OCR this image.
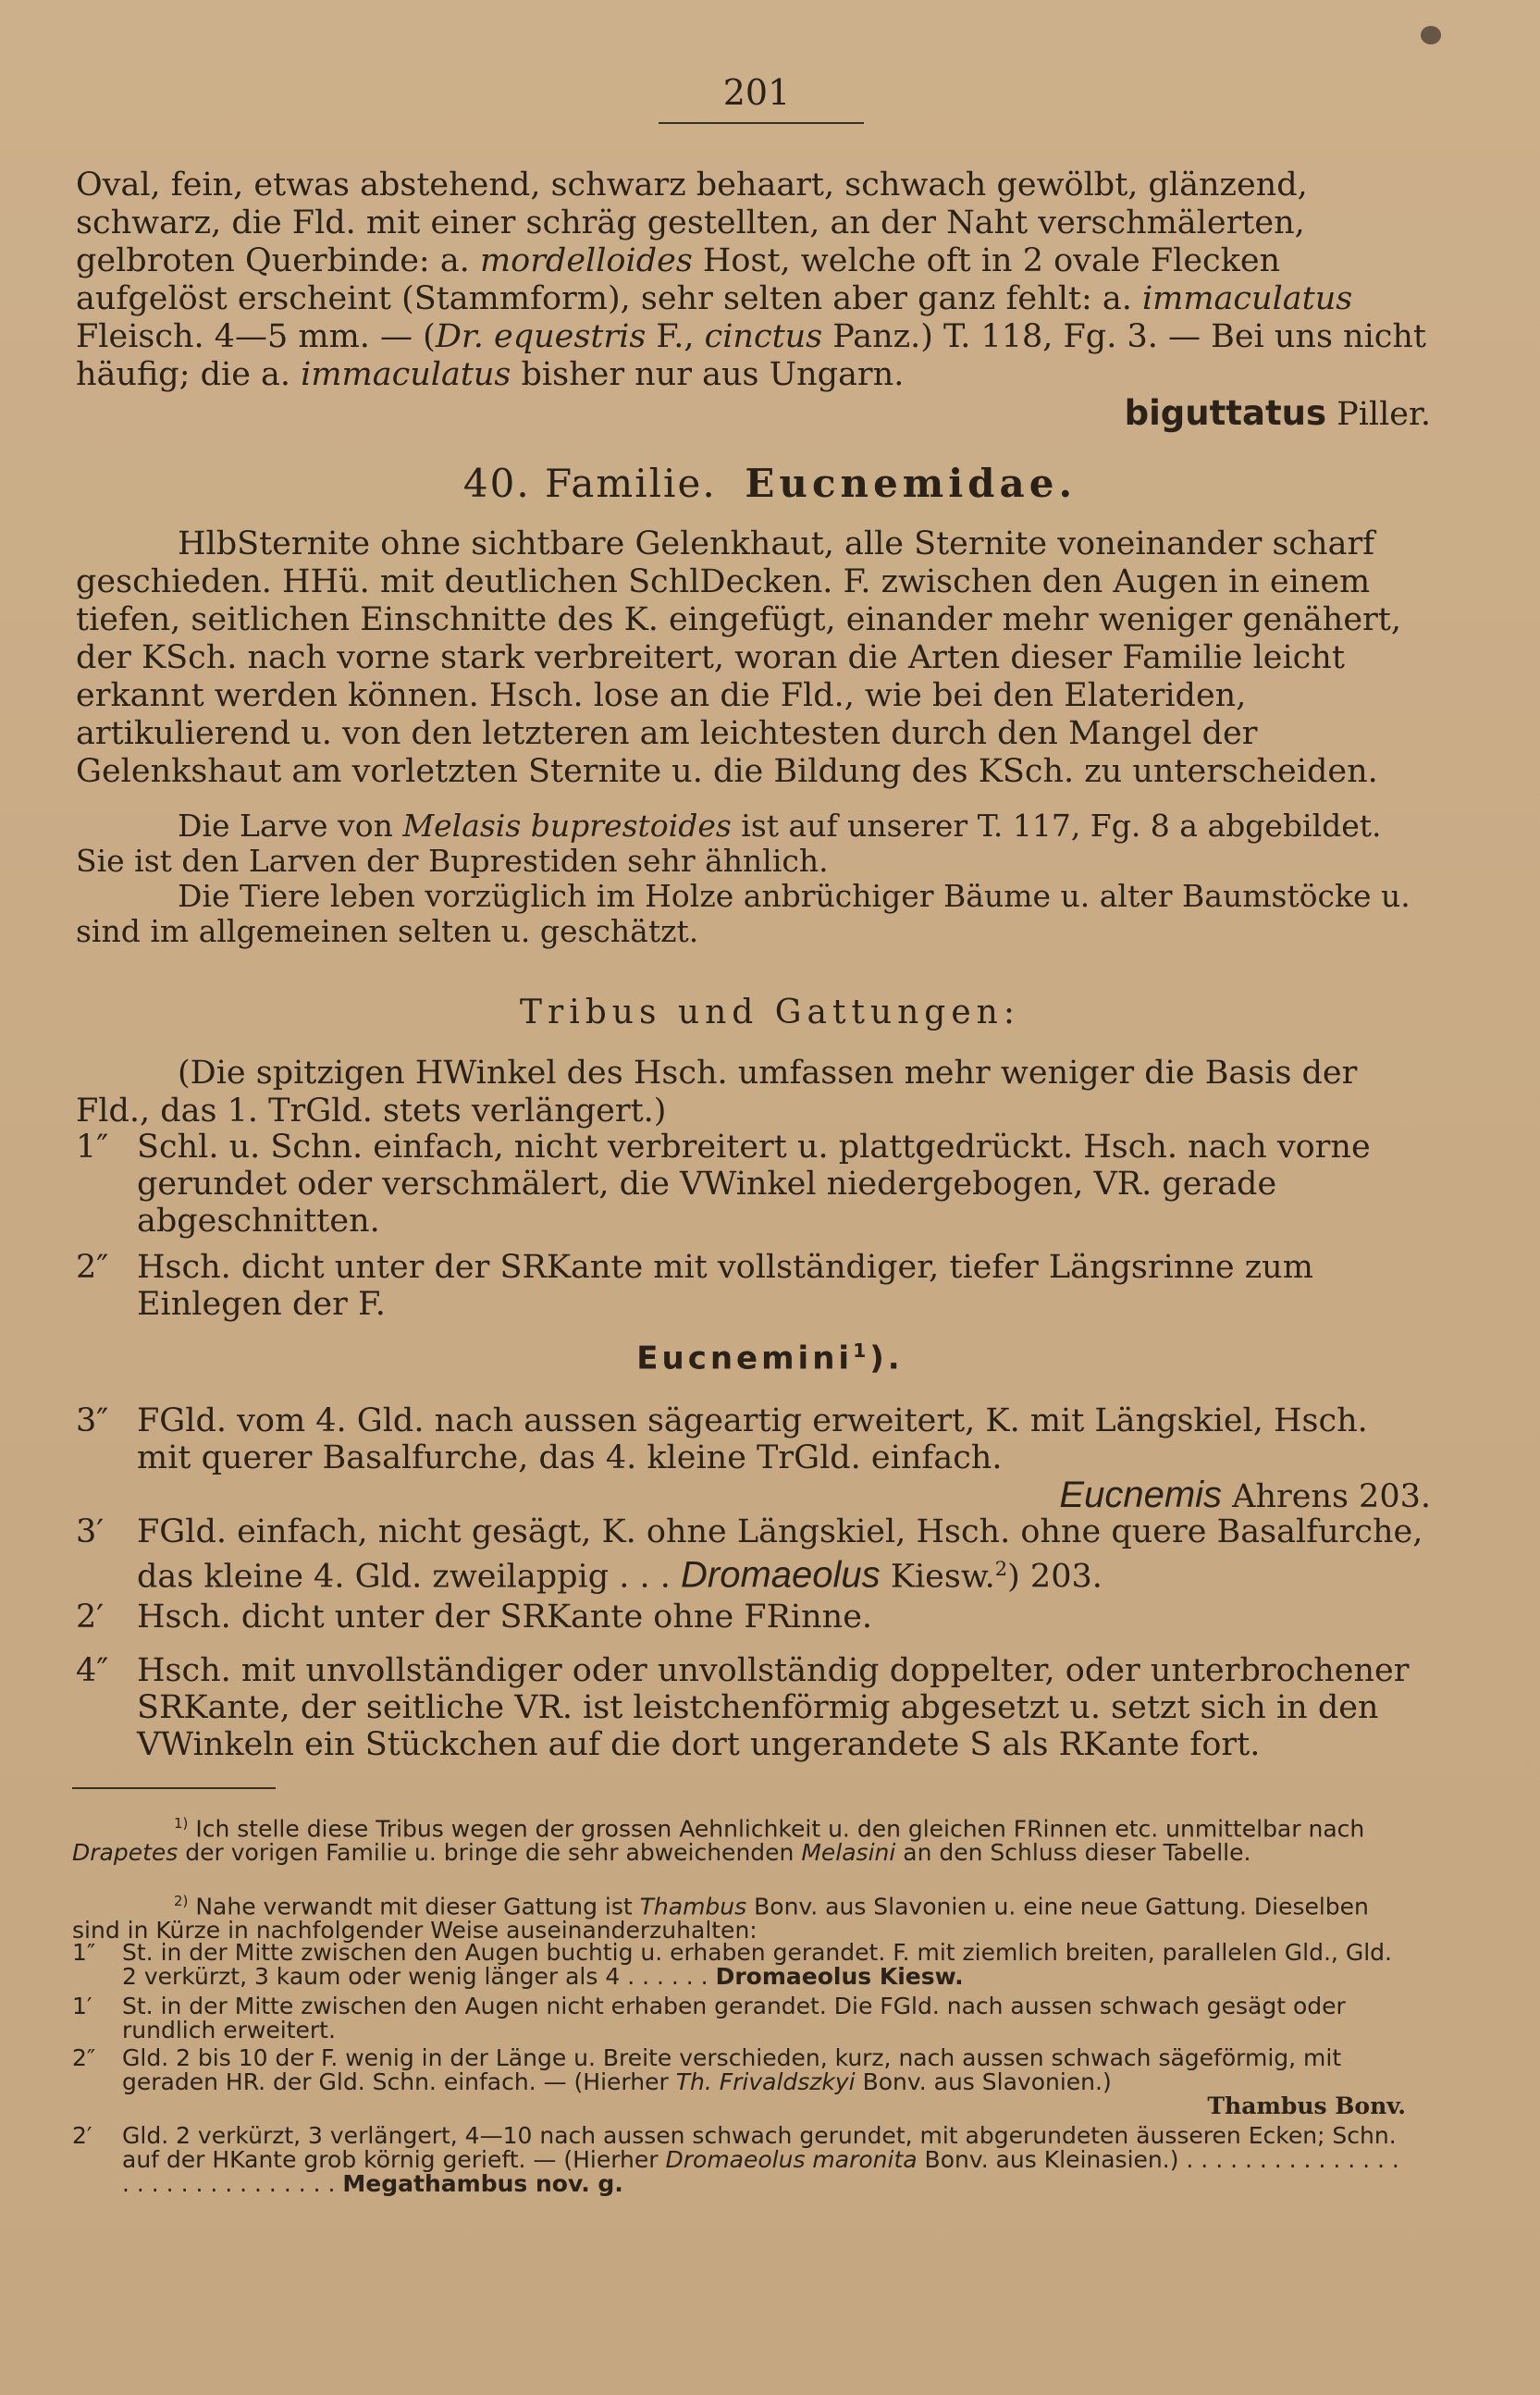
201

Oval, fein, etwas abstehend, schwarz behaart, schwach gewölbt, glänzend, schwarz, die Fld. mit einer schräg gestellten, an der Naht verschmälerten, gelbroten Querbinde: a. mordelloides Host, welche oft in 2 ovale Flecken aufgelöst erscheint (Stammform), sehr selten aber ganz fehlt: a. immaculatus Fleisch. 4—5 mm. — (Dr. equestris F., cinctus Panz.) T. 118, Fg. 3. — Bei uns nicht häufig; die a. immaculatus bisher nur aus Ungarn.

biguttatus Piller.

40. Familie. Eucnemidae.

HlbSternite ohne sichtbare Gelenkhaut, alle Sternite voneinander scharf geschieden. HHü. mit deutlichen SchlDecken. F. zwischen den Augen in einem tiefen, seitlichen Einschnitte des K. eingefügt, einander mehr weniger genähert, der KSch. nach vorne stark verbreitert, woran die Arten dieser Familie leicht erkannt werden können. Hsch. lose an die Fld., wie bei den Elateriden, artikulierend u. von den letzteren am leichtesten durch den Mangel der Gelenkshaut am vorletzten Sternite u. die Bildung des KSch. zu unterscheiden.

Die Larve von Melasis buprestoides ist auf unserer T. 117, Fg. 8 a abgebildet. Sie ist den Larven der Buprestiden sehr ähnlich.

Die Tiere leben vorzüglich im Holze anbrüchiger Bäume u. alter Baumstöcke u. sind im allgemeinen selten u. geschätzt.

Tribus und Gattungen:

(Die spitzigen HWinkel des Hsch. umfassen mehr weniger die Basis der Fld., das 1. TrGld. stets verlängert.)

1″ Schl. u. Schn. einfach, nicht verbreitert u. plattgedrückt. Hsch. nach vorne gerundet oder verschmälert, die VWinkel niedergebogen, VR. gerade abgeschnitten.
2″ Hsch. dicht unter der SRKante mit vollständiger, tiefer Längsrinne zum Einlegen der F.
Eucnemini$^1$).
3″ FGld. vom 4. Gld. nach aussen sägeartig erweitert, K. mit Längskiel, Hsch. mit querer Basalfurche, das 4. kleine TrGld. einfach.
Eucnemis Ahrens 203.
3′ FGld. einfach, nicht gesägt, K. ohne Längskiel, Hsch. ohne quere Basalfurche, das kleine 4. Gld. zweilappig . . . Dromaeolus Kiesw.$^2$) 203.
2′ Hsch. dicht unter der SRKante ohne FRinne.
4″ Hsch. mit unvollständiger oder unvollständig doppelter, oder unterbrochener SRKante, der seitliche VR. ist leistchenförmig abgesetzt u. setzt sich in den VWinkeln ein Stückchen auf die dort ungerandete S als RKante fort.

$^{1)}$ Ich stelle diese Tribus wegen der grossen Aehnlichkeit u. den gleichen FRinnen etc. unmittelbar nach Drapetes der vorigen Familie u. bringe die sehr abweichenden Melasini an den Schluss dieser Tabelle.

$^{2)}$ Nahe verwandt mit dieser Gattung ist Thambus Bonv. aus Slavonien u. eine neue Gattung. Dieselben sind in Kürze in nachfolgender Weise auseinanderzuhalten:

1″ St. in der Mitte zwischen den Augen buchtig u. erhaben gerandet. F. mit ziemlich breiten, parallelen Gld., Gld. 2 verkürzt, 3 kaum oder wenig länger als 4 . . . . . . Dromaeolus Kiesw.
1′ St. in der Mitte zwischen den Augen nicht erhaben gerandet. Die FGld. nach aussen schwach gesägt oder rundlich erweitert.
2″ Gld. 2 bis 10 der F. wenig in der Länge u. Breite verschieden, kurz, nach aussen schwach sägeförmig, mit geraden HR. der Gld. Schn. einfach. — (Hierher Th. Frivaldszkyi Bonv. aus Slavonien.)
Thambus Bonv.
2′ Gld. 2 verkürzt, 3 verlängert, 4—10 nach aussen schwach gerundet, mit abgerundeten äusseren Ecken; Schn. auf der HKante grob körnig gerieft. — (Hierher Dromaeolus maronita Bonv. aus Kleinasien.) . . . . . . . . . . . . . . . . . . . . . . . . . . . . . . Megathambus nov. g.
